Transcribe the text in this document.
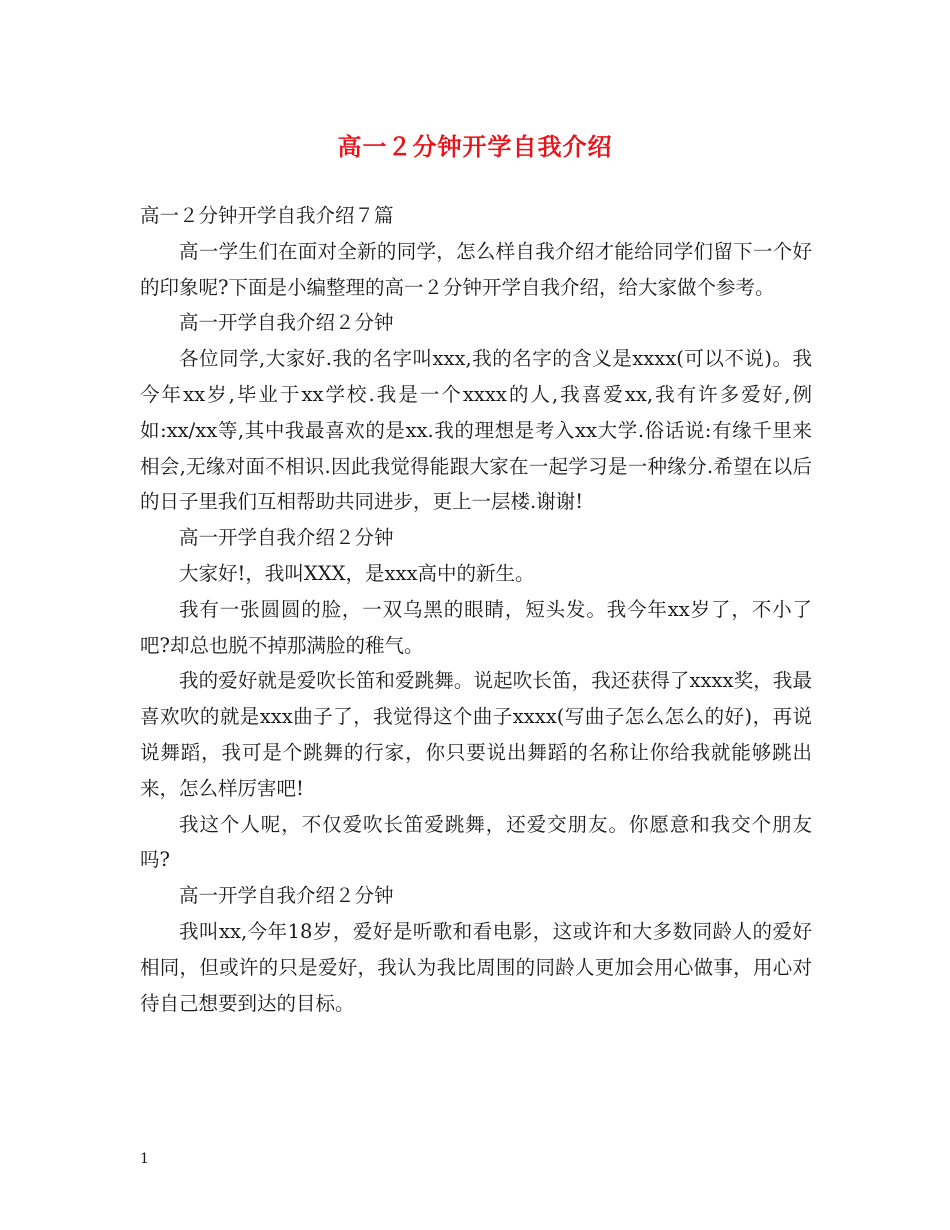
高一２分钟开学自我介绍

高一２分钟开学自我介绍７篇

高一学生们在面对全新的同学，怎么样自我介绍才能给同学们留下一个好的印象呢?下面是小编整理的高一２分钟开学自我介绍，给大家做个参考。

高一开学自我介绍２分钟

各位同学,大家好.我的名字叫xxx,我的名字的含义是xxxx(可以不说)。我今年xx岁,毕业于xx学校.我是一个xxxx的人,我喜爱xx,我有许多爱好,例如:xx/xx等,其中我最喜欢的是xx.我的理想是考入xx大学.俗话说:有缘千里来相会,无缘对面不相识.因此我觉得能跟大家在一起学习是一种缘分.希望在以后的日子里我们互相帮助共同进步，更上一层楼.谢谢!

高一开学自我介绍２分钟

大家好!，我叫XXX，是xxx高中的新生。

我有一张圆圆的脸，一双乌黑的眼睛，短头发。我今年xx岁了，不小了吧?却总也脱不掉那满脸的稚气。

我的爱好就是爱吹长笛和爱跳舞。说起吹长笛，我还获得了xxxx奖，我最喜欢吹的就是xxx曲子了，我觉得这个曲子xxxx(写曲子怎么怎么的好)，再说说舞蹈，我可是个跳舞的行家，你只要说出舞蹈的名称让你给我就能够跳出来，怎么样厉害吧!

我这个人呢，不仅爱吹长笛爱跳舞，还爱交朋友。你愿意和我交个朋友吗?

高一开学自我介绍２分钟

我叫xx,今年18岁，爱好是听歌和看电影，这或许和大多数同龄人的爱好相同，但或许的只是爱好，我认为我比周围的同龄人更加会用心做事，用心对待自己想要到达的目标。

1
